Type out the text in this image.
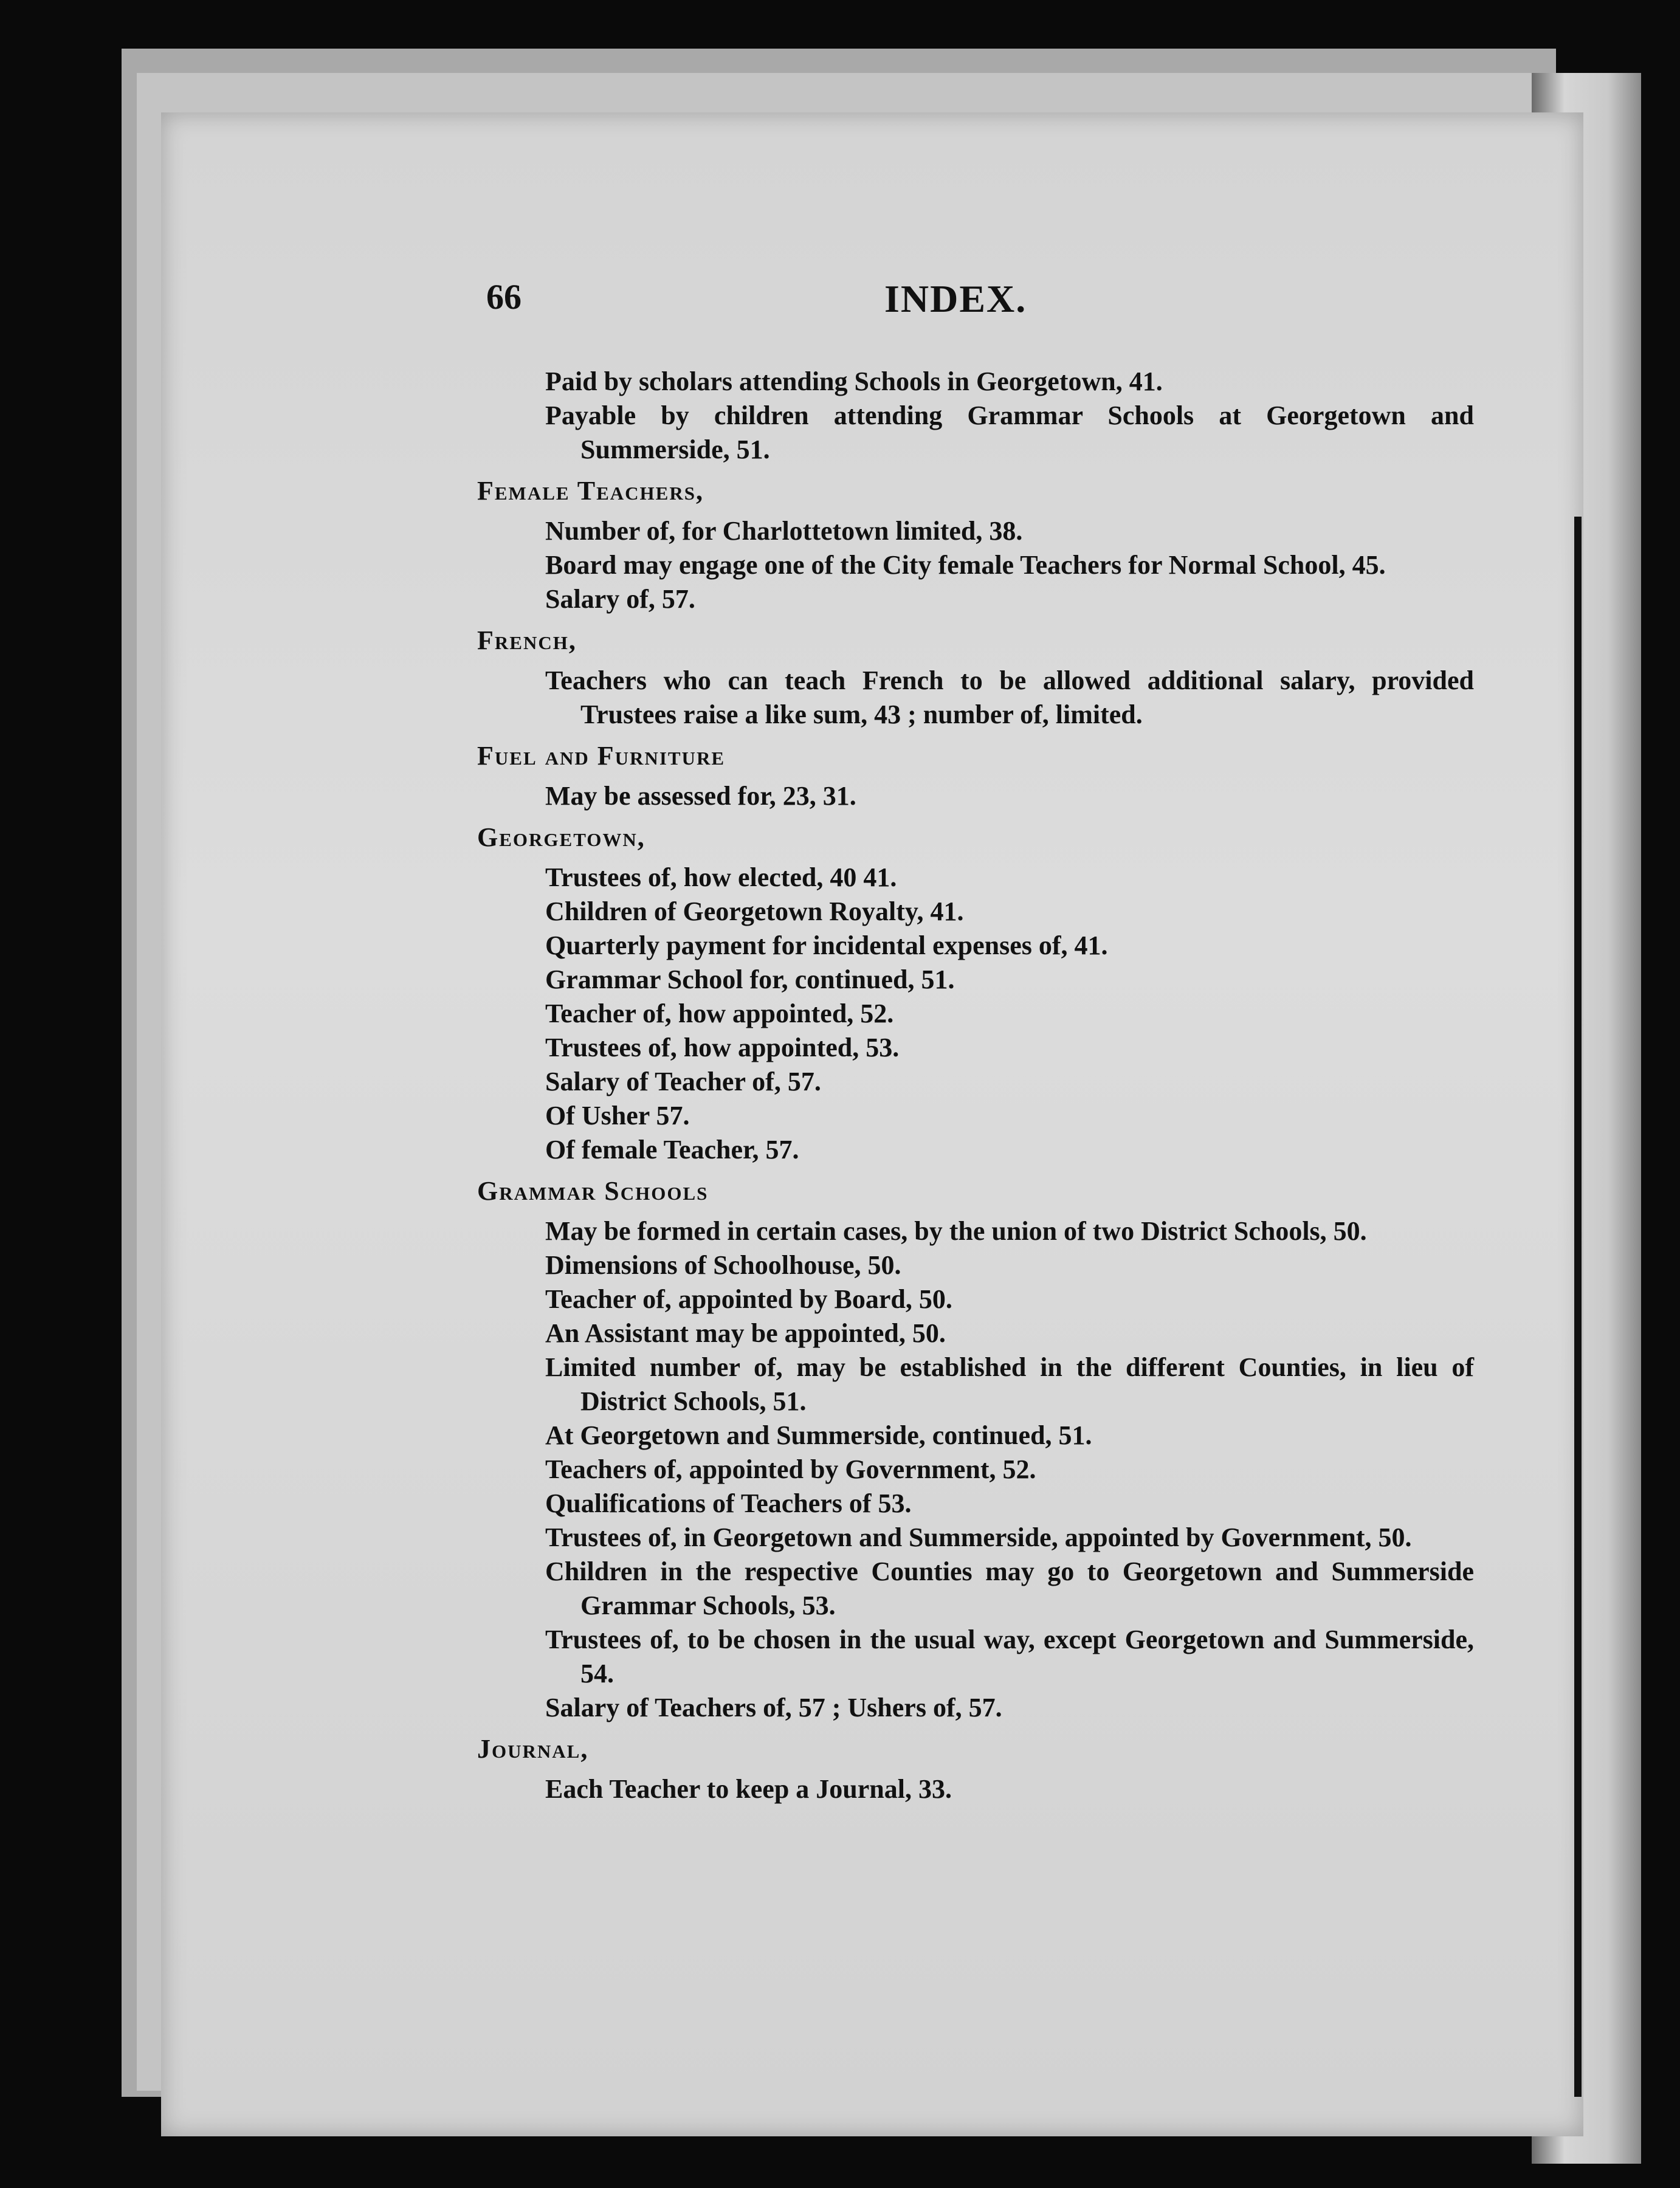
66	INDEX.

Paid by scholars attending Schools in Georgetown, 41.

Payable by children attending Grammar Schools at Georgetown and Summerside, 51.

Female Teachers,

Number of, for Charlottetown limited, 38.

Board may engage one of the City female Teachers for Normal School, 45.

Salary of, 57.

French,

Teachers who can teach French to be allowed additional salary, provided Trustees raise a like sum, 43 ; number of, limited.

Fuel and Furniture

May be assessed for, 23, 31.

Georgetown,

Trustees of, how elected, 40 41.

Children of Georgetown Royalty, 41.

Quarterly payment for incidental expenses of, 41.

Grammar School for, continued, 51.

Teacher of, how appointed, 52.

Trustees of, how appointed, 53.

Salary of Teacher of, 57.

Of Usher 57.

Of female Teacher, 57.

Grammar Schools

May be formed in certain cases, by the union of two District Schools, 50.

Dimensions of Schoolhouse, 50.

Teacher of, appointed by Board, 50.

An Assistant may be appointed, 50.

Limited number of, may be established in the different Counties, in lieu of District Schools, 51.

At Georgetown and Summerside, continued, 51.

Teachers of, appointed by Government, 52.

Qualifications of Teachers of 53.

Trustees of, in Georgetown and Summerside, appointed by Government, 50.

Children in the respective Counties may go to Georgetown and Summerside Grammar Schools, 53.

Trustees of, to be chosen in the usual way, except Georgetown and Summerside, 54.

Salary of Teachers of, 57 ; Ushers of, 57.

Journal,

Each Teacher to keep a Journal, 33.
